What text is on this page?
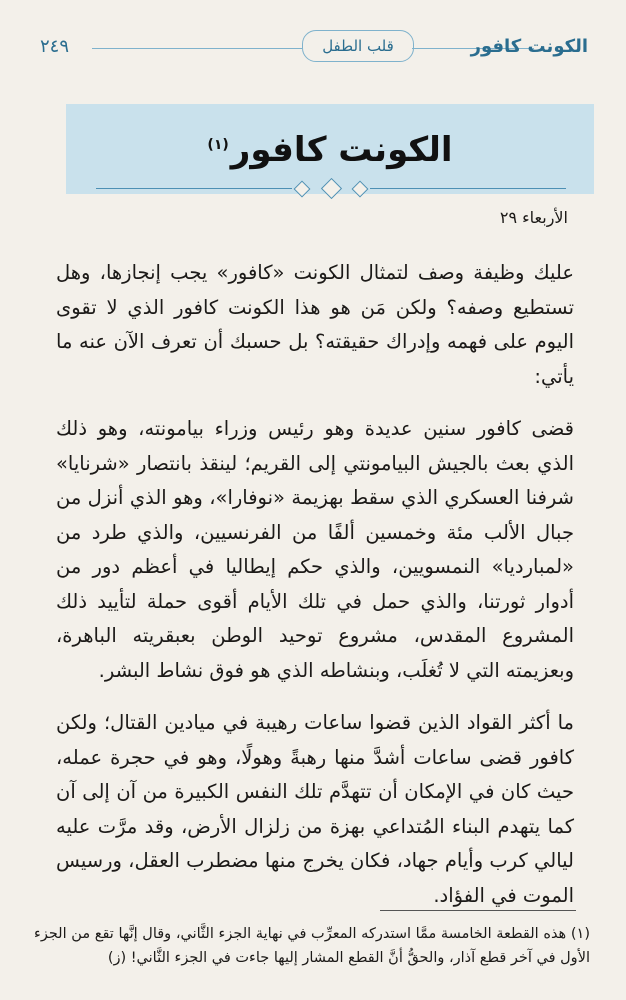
٢٤٩	قلب الطفل	الكونت كافور
الكونت كافور$^{(١)}$
الأربعاء ٢٩

عليك وظيفة وصف لتمثال الكونت «كافور» يجب إنجازها، وهل تستطيع وصفه؟ ولكن مَن هو هذا الكونت كافور الذي لا تقوى اليوم على فهمه وإدراك حقيقته؟ بل حسبك أن تعرف الآن عنه ما يأتي:

قضى كافور سنين عديدة وهو رئيس وزراء بيامونته، وهو ذلك الذي بعث بالجيش البيامونتي إلى القريم؛ لينقذ بانتصار «شرنايا» شرفنا العسكري الذي سقط بهزيمة «نوفارا»، وهو الذي أنزل من جبال الألب مئة وخمسين ألفًا من الفرنسيين، والذي طرد من «لمبارديا» النمسويين، والذي حكم إيطاليا في أعظم دور من أدوار ثورتنا، والذي حمل في تلك الأيام أقوى حملة لتأييد ذلك المشروع المقدس، مشروع توحيد الوطن بعبقريته الباهرة، وبعزيمته التي لا تُغلَب، وبنشاطه الذي هو فوق نشاط البشر.

ما أكثر القواد الذين قضوا ساعات رهيبة في ميادين القتال؛ ولكن كافور قضى ساعات أشدَّ منها رهبةً وهولًا، وهو في حجرة عمله، حيث كان في الإمكان أن تتهدَّم تلك النفس الكبيرة من آن إلى آن كما يتهدم البناء المُتداعي بهزة من زلزال الأرض، وقد مرَّت عليه ليالي كرب وأيام جهاد، فكان يخرج منها مضطرب العقل، ورسيس الموت في الفؤاد.

(١) هذه القطعة الخامسة ممَّا استدركه المعرِّب في نهاية الجزء الثَّاني، وقال إنَّها تقع من الجزء الأول في آخر قطع آذار، والحقُّ أنَّ القطع المشار إليها جاءت في الجزء الثَّاني! (ز)
